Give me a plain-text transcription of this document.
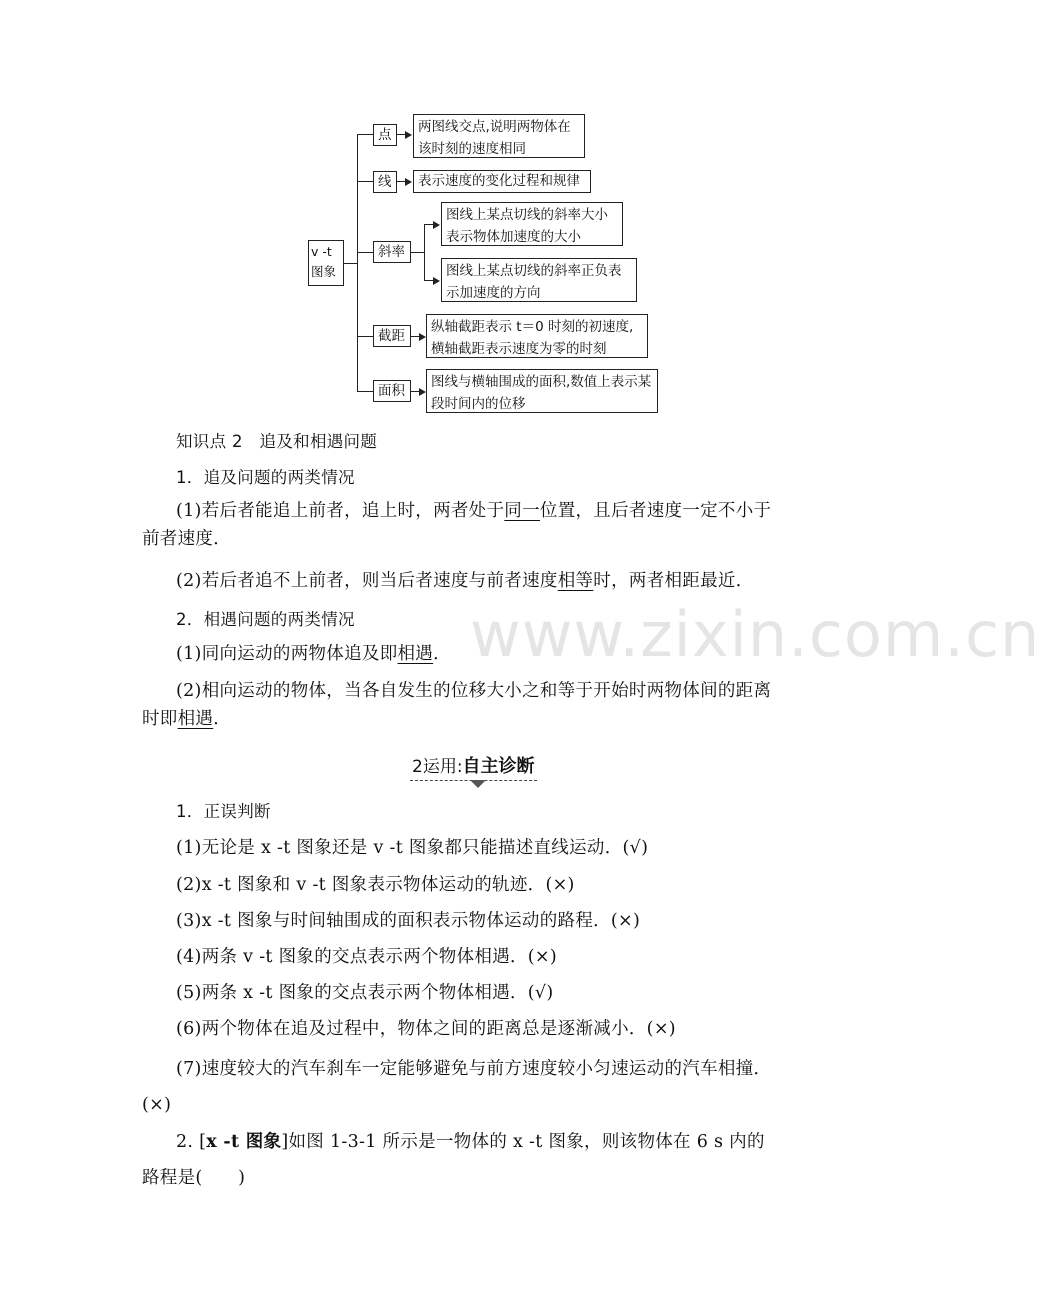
v -t
图象
点	两图线交点,说明两物体在该时刻的速度相同
线	表示速度的变化过程和规律
斜率
图线上某点切线的斜率大小表示物体加速度的大小
图线上某点切线的斜率正负表示加速度的方向
截距
纵轴截距表示 t＝0 时刻的初速度,横轴截距表示速度为零的时刻
面积
图线与横轴围成的面积,数值上表示某段时间内的位移
www.zixin.com.cn
知识点 2　追及和相遇问题
1．追及问题的两类情况
(1)若后者能追上前者，追上时，两者处于同一位置，且后者速度一定不小于前者速度．
(2)若后者追不上前者，则当后者速度与前者速度相等时，两者相距最近．
2．相遇问题的两类情况
(1)同向运动的两物体追及即相遇．
(2)相向运动的物体，当各自发生的位移大小之和等于开始时两物体间的距离时即相遇．
2运用:自主诊断
1．正误判断
(1)无论是 x -t 图象还是 v -t 图象都只能描述直线运动．(√)
(2)x -t 图象和 v -t 图象表示物体运动的轨迹．(×)
(3)x -t 图象与时间轴围成的面积表示物体运动的路程．(×)
(4)两条 v -t 图象的交点表示两个物体相遇．(×)
(5)两条 x -t 图象的交点表示两个物体相遇．(√)
(6)两个物体在追及过程中，物体之间的距离总是逐渐减小．(×)
(7)速度较大的汽车刹车一定能够避免与前方速度较小匀速运动的汽车相撞．(×)
2. [x -t 图象]如图 1-3-1 所示是一物体的 x -t 图象，则该物体在 6 s 内的路程是(　　)
